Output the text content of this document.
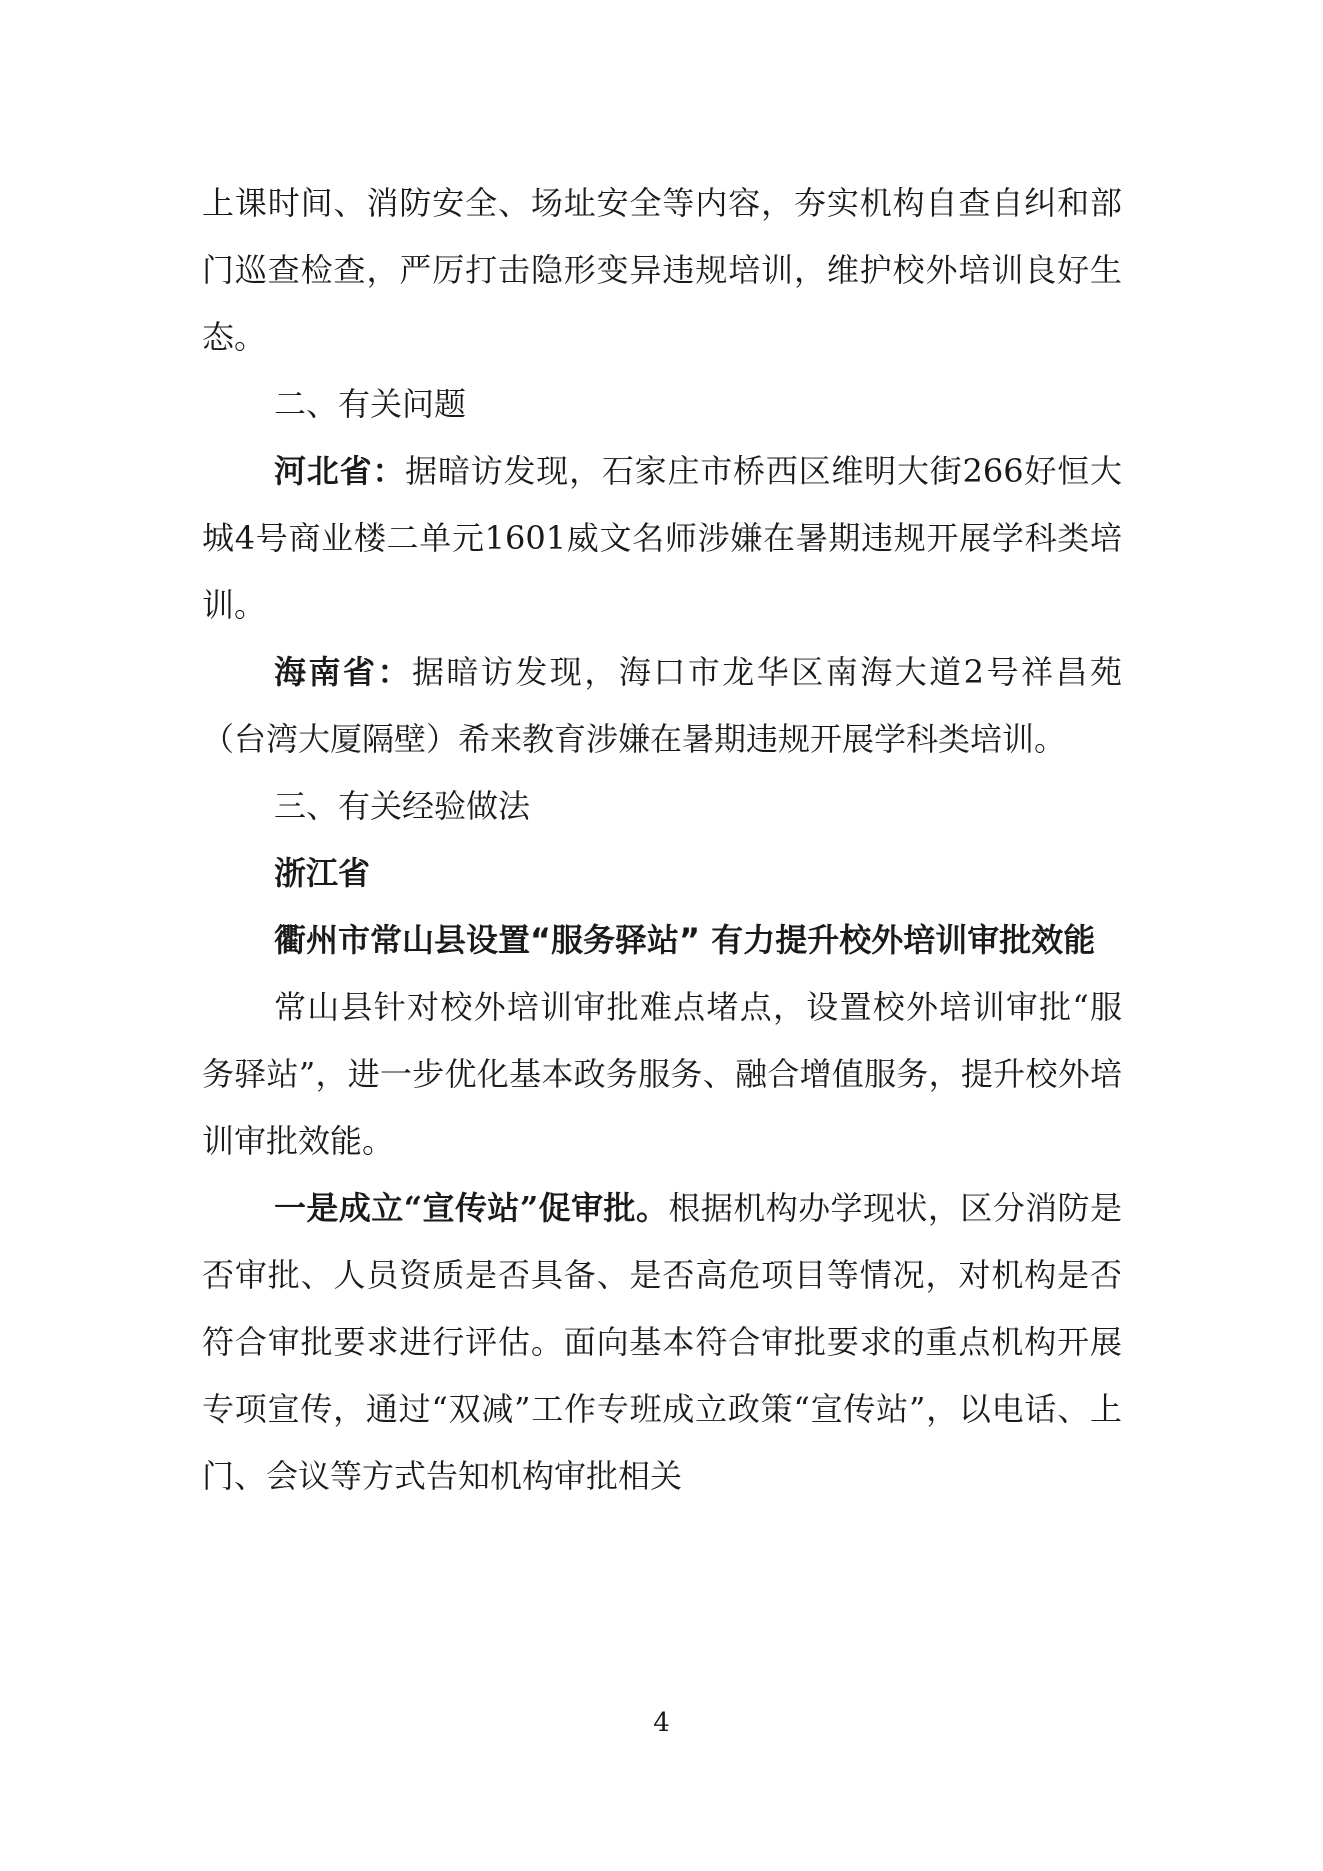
上课时间、消防安全、场址安全等内容，夯实机构自查自纠和部门巡查检查，严厉打击隐形变异违规培训，维护校外培训良好生态。

二、有关问题

河北省：据暗访发现，石家庄市桥西区维明大街266好恒大城4号商业楼二单元1601威文名师涉嫌在暑期违规开展学科类培训。

海南省：据暗访发现，海口市龙华区南海大道2号祥昌苑（台湾大厦隔壁）希来教育涉嫌在暑期违规开展学科类培训。

三、有关经验做法

浙江省

衢州市常山县设置“服务驿站” 有力提升校外培训审批效能

常山县针对校外培训审批难点堵点，设置校外培训审批“服务驿站”，进一步优化基本政务服务、融合增值服务，提升校外培训审批效能。

一是成立“宣传站”促审批。根据机构办学现状，区分消防是否审批、人员资质是否具备、是否高危项目等情况，对机构是否符合审批要求进行评估。面向基本符合审批要求的重点机构开展专项宣传，通过“双减”工作专班成立政策“宣传站”，以电话、上门、会议等方式告知机构审批相关

4
